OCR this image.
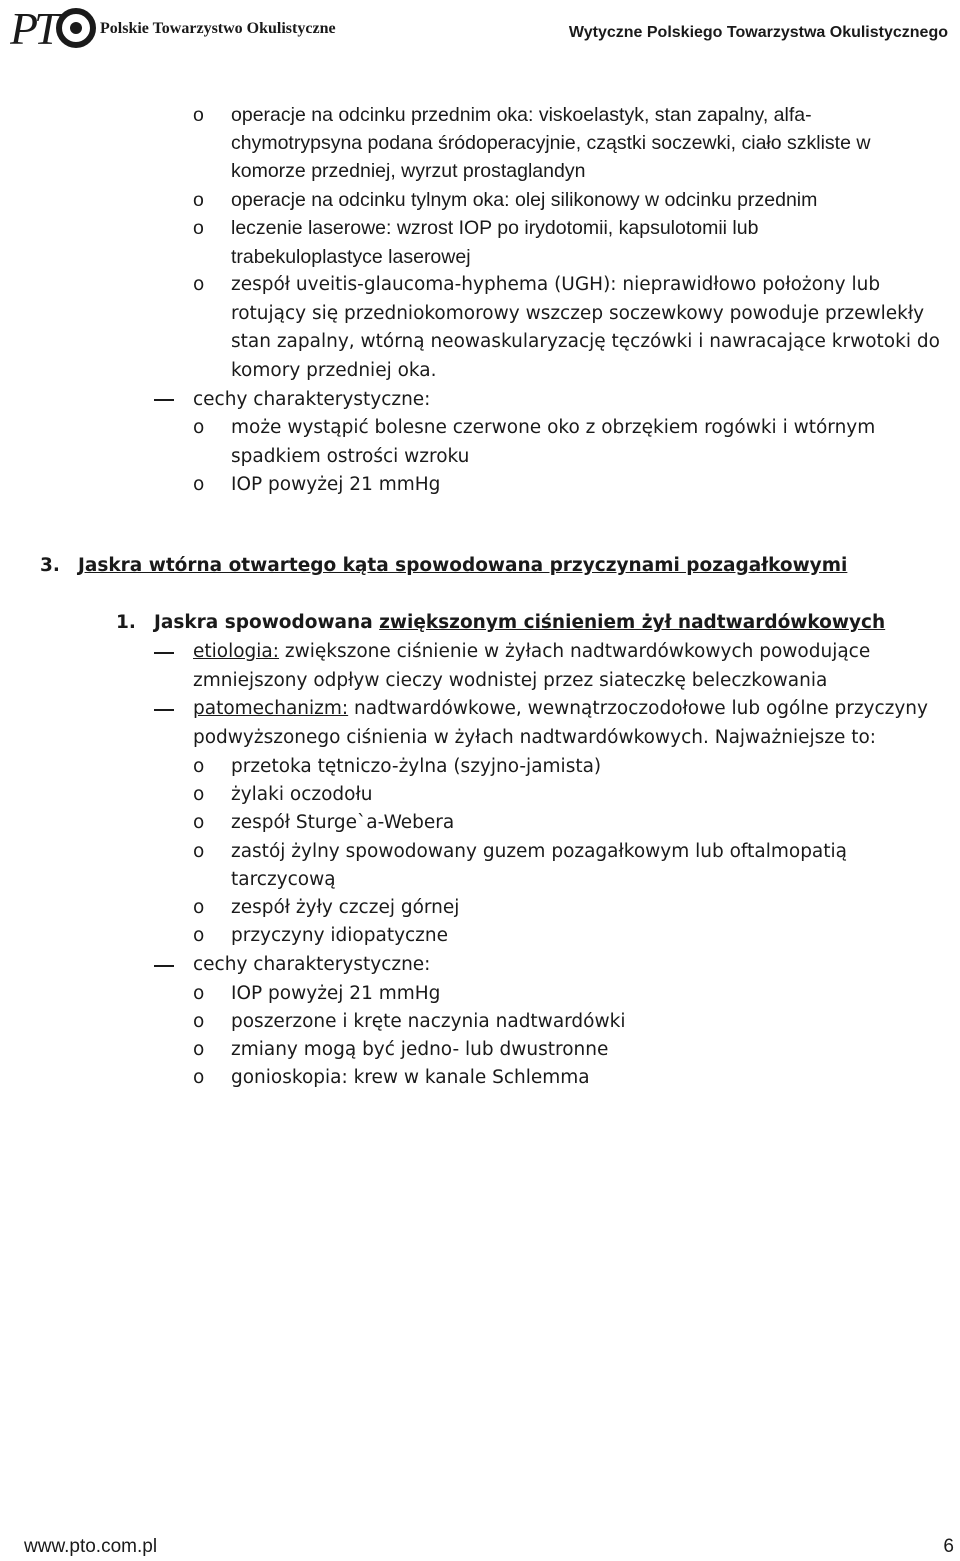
P
T	Polskie Towarzystwo Okulistyczne	Wytyczne Polskiego Towarzystwa Okulistycznego
o operacje na odcinku przednim oka: viskoelastyk, stan zapalny, alfa-
chymotrypsyna podana śródoperacyjnie, cząstki soczewki, ciało szkliste w
komorze przedniej, wyrzut prostaglandyn
o operacje na odcinku tylnym oka: olej silikonowy w odcinku przednim
o leczenie laserowe: wzrost IOP po irydotomii, kapsulotomii lub
trabekuloplastyce laserowej
o zespół uveitis-glaucoma-hyphema (UGH): nieprawidłowo położony lub
rotujący się przedniokomorowy wszczep soczewkowy powoduje przewlekły
stan zapalny, wtórną neowaskularyzację tęczówki i nawracające krwotoki do
komory przedniej oka.
cechy charakterystyczne:
o może wystąpić bolesne czerwone oko z obrzękiem rogówki i wtórnym
spadkiem ostrości wzroku
o IOP powyżej 21 mmHg
3. Jaskra wtórna otwartego kąta spowodowana przyczynami pozagałkowymi
1. Jaskra spowodowana zwiększonym ciśnieniem żył nadtwardówkowych
etiologia: zwiększone ciśnienie w żyłach nadtwardówkowych powodujące
zmniejszony odpływ cieczy wodnistej przez siateczkę beleczkowania
patomechanizm: nadtwardówkowe, wewnątrzoczodołowe lub ogólne przyczyny
podwyższonego ciśnienia w żyłach nadtwardówkowych. Najważniejsze to:
o przetoka tętniczo-żylna (szyjno-jamista)
o żylaki oczodołu
o zespół Sturge`a-Webera
o zastój żylny spowodowany guzem pozagałkowym lub oftalmopatią
tarczycową
o zespół żyły czczej górnej
o przyczyny idiopatyczne
cechy charakterystyczne:
o IOP powyżej 21 mmHg
o poszerzone i kręte naczynia nadtwardówki
o zmiany mogą być jedno- lub dwustronne
o gonioskopia: krew w kanale Schlemma
www.pto.com.pl	6
